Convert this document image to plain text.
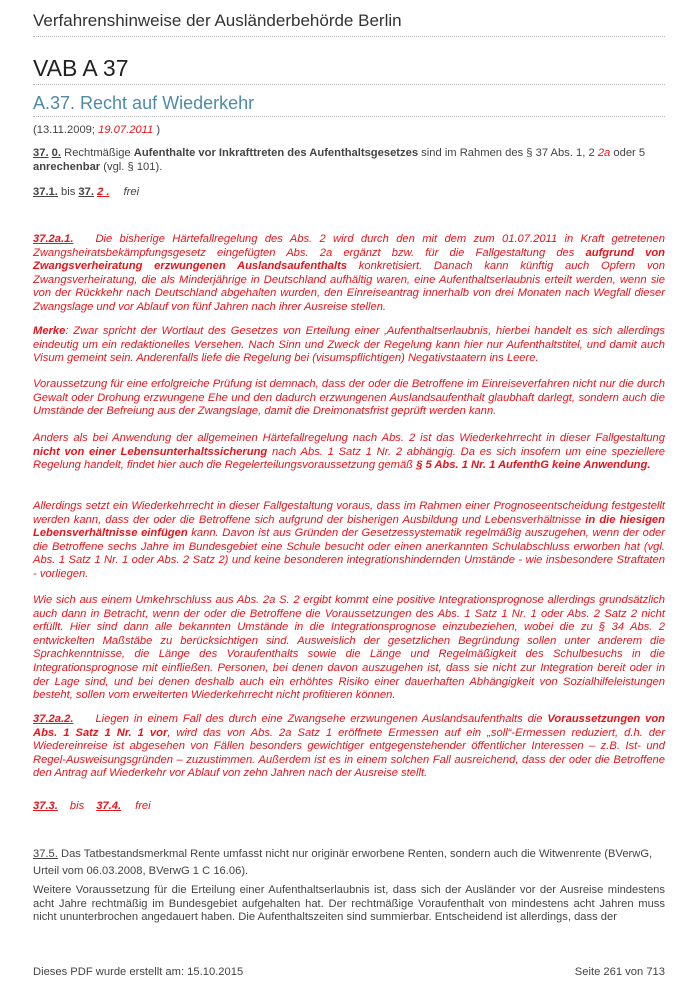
Verfahrenshinweise der Ausländerbehörde Berlin
VAB A 37
A.37. Recht auf Wiederkehr
(13.11.2009; 19.07.2011 )
37. 0. Rechtmäßige Aufenthalte vor Inkrafttreten des Aufenthaltsgesetzes sind im Rahmen des § 37 Abs. 1, 2 2a oder 5 anrechenbar (vgl. § 101).
37.1. bis 37. 2 . frei
37.2a.1. Die bisherige Härtefallregelung des Abs. 2 wird durch den mit dem zum 01.07.2011 in Kraft getretenen Zwangsheiratsbekämpfungsgesetz eingefügten Abs. 2a ergänzt bzw. für die Fallgestaltung des aufgrund von Zwangsverheiratung erzwungenen Auslandsaufenthalts konkretisiert. Danach kann künftig auch Opfern von Zwangsverheiratung, die als Minderjährige in Deutschland aufhältig waren, eine Aufenthaltserlaubnis erteilt werden, wenn sie von der Rückkehr nach Deutschland abgehalten wurden, den Einreiseantrag innerhalb von drei Monaten nach Wegfall dieser Zwangslage und vor Ablauf von fünf Jahren nach ihrer Ausreise stellen.
Merke: Zwar spricht der Wortlaut des Gesetzes von Erteilung einer ‚Aufenthaltserlaubnis, hierbei handelt es sich allerdings eindeutig um ein redaktionelles Versehen. Nach Sinn und Zweck der Regelung kann hier nur Aufenthaltstitel, und damit auch Visum gemeint sein. Anderenfalls liefe die Regelung bei (visumspflichtigen) Negativstaatern ins Leere.
Voraussetzung für eine erfolgreiche Prüfung ist demnach, dass der oder die Betroffene im Einreiseverfahren nicht nur die durch Gewalt oder Drohung erzwungene Ehe und den dadurch erzwungenen Auslandsaufenthalt glaubhaft darlegt, sondern auch die Umstände der Befreiung aus der Zwangslage, damit die Dreimonatsfrist geprüft werden kann.
Anders als bei Anwendung der allgemeinen Härtefallregelung nach Abs. 2 ist das Wiederkehrrecht in dieser Fallgestaltung nicht von einer Lebensunterhaltssicherung nach Abs. 1 Satz 1 Nr. 2 abhängig. Da es sich insofern um eine speziellere Regelung handelt, findet hier auch die Regelerteilungsvoraussetzung gemäß § 5 Abs. 1 Nr. 1 AufenthG keine Anwendung.
Allerdings setzt ein Wiederkehrrecht in dieser Fallgestaltung voraus, dass im Rahmen einer Prognoseentscheidung festgestellt werden kann, dass der oder die Betroffene sich aufgrund der bisherigen Ausbildung und Lebensverhältnisse in die hiesigen Lebensverhältnisse einfügen kann. Davon ist aus Gründen der Gesetzessystematik regelmäßig auszugehen, wenn der oder die Betroffene sechs Jahre im Bundesgebiet eine Schule besucht oder einen anerkannten Schulabschluss erworben hat (vgl. Abs. 1 Satz 1 Nr. 1 oder Abs. 2 Satz 2) und keine besonderen integrationshindernden Umstände - wie insbesondere Straftaten - vorliegen.
Wie sich aus einem Umkehrschluss aus Abs. 2a S. 2 ergibt kommt eine positive Integrationsprognose allerdings grundsätzlich auch dann in Betracht, wenn der oder die Betroffene die Voraussetzungen des Abs. 1 Satz 1 Nr. 1 oder Abs. 2 Satz 2 nicht erfüllt. Hier sind dann alle bekannten Umstände in die Integrationsprognose einzubeziehen, wobei die zu § 34 Abs. 2 entwickelten Maßstäbe zu berücksichtigen sind. Ausweislich der gesetzlichen Begründung sollen unter anderem die Sprachkenntnisse, die Länge des Voraufenthalts sowie die Länge und Regelmäßigkeit des Schulbesuchs in die Integrationsprognose mit einfließen. Personen, bei denen davon auszugehen ist, dass sie nicht zur Integration bereit oder in der Lage sind, und bei denen deshalb auch ein erhöhtes Risiko einer dauerhaften Abhängigkeit von Sozialhilfeleistungen besteht, sollen vom erweiterten Wiederkehrrecht nicht profitieren können.
37.2a.2. Liegen in einem Fall des durch eine Zwangsehe erzwungenen Auslandsaufenthalts die Voraussetzungen von Abs. 1 Satz 1 Nr. 1 vor, wird das von Abs. 2a Satz 1 eröffnete Ermessen auf ein „soll“-Ermessen reduziert, d.h. der Wiedereinreise ist abgesehen von Fällen besonders gewichtiger entgegenstehender öffentlicher Interessen – z.B. Ist- und Regel-Ausweisungsgründen – zuzustimmen. Außerdem ist es in einem solchen Fall ausreichend, dass der oder die Betroffene den Antrag auf Wiederkehr vor Ablauf von zehn Jahren nach der Ausreise stellt.
37.3. bis 37.4. frei
37.5. Das Tatbestandsmerkmal Rente umfasst nicht nur originär erworbene Renten, sondern auch die Witwenrente (BVerwG, Urteil vom 06.03.2008, BVerwG 1 C 16.06).
Weitere Voraussetzung für die Erteilung einer Aufenthaltserlaubnis ist, dass sich der Ausländer vor der Ausreise mindestens acht Jahre rechtmäßig im Bundesgebiet aufgehalten hat. Der rechtmäßige Voraufenthalt von mindestens acht Jahren muss nicht ununterbrochen angedauert haben. Die Aufenthaltszeiten sind summierbar. Entscheidend ist allerdings, dass der
Dieses PDF wurde erstellt am: 15.10.2015	Seite 261 von 713
